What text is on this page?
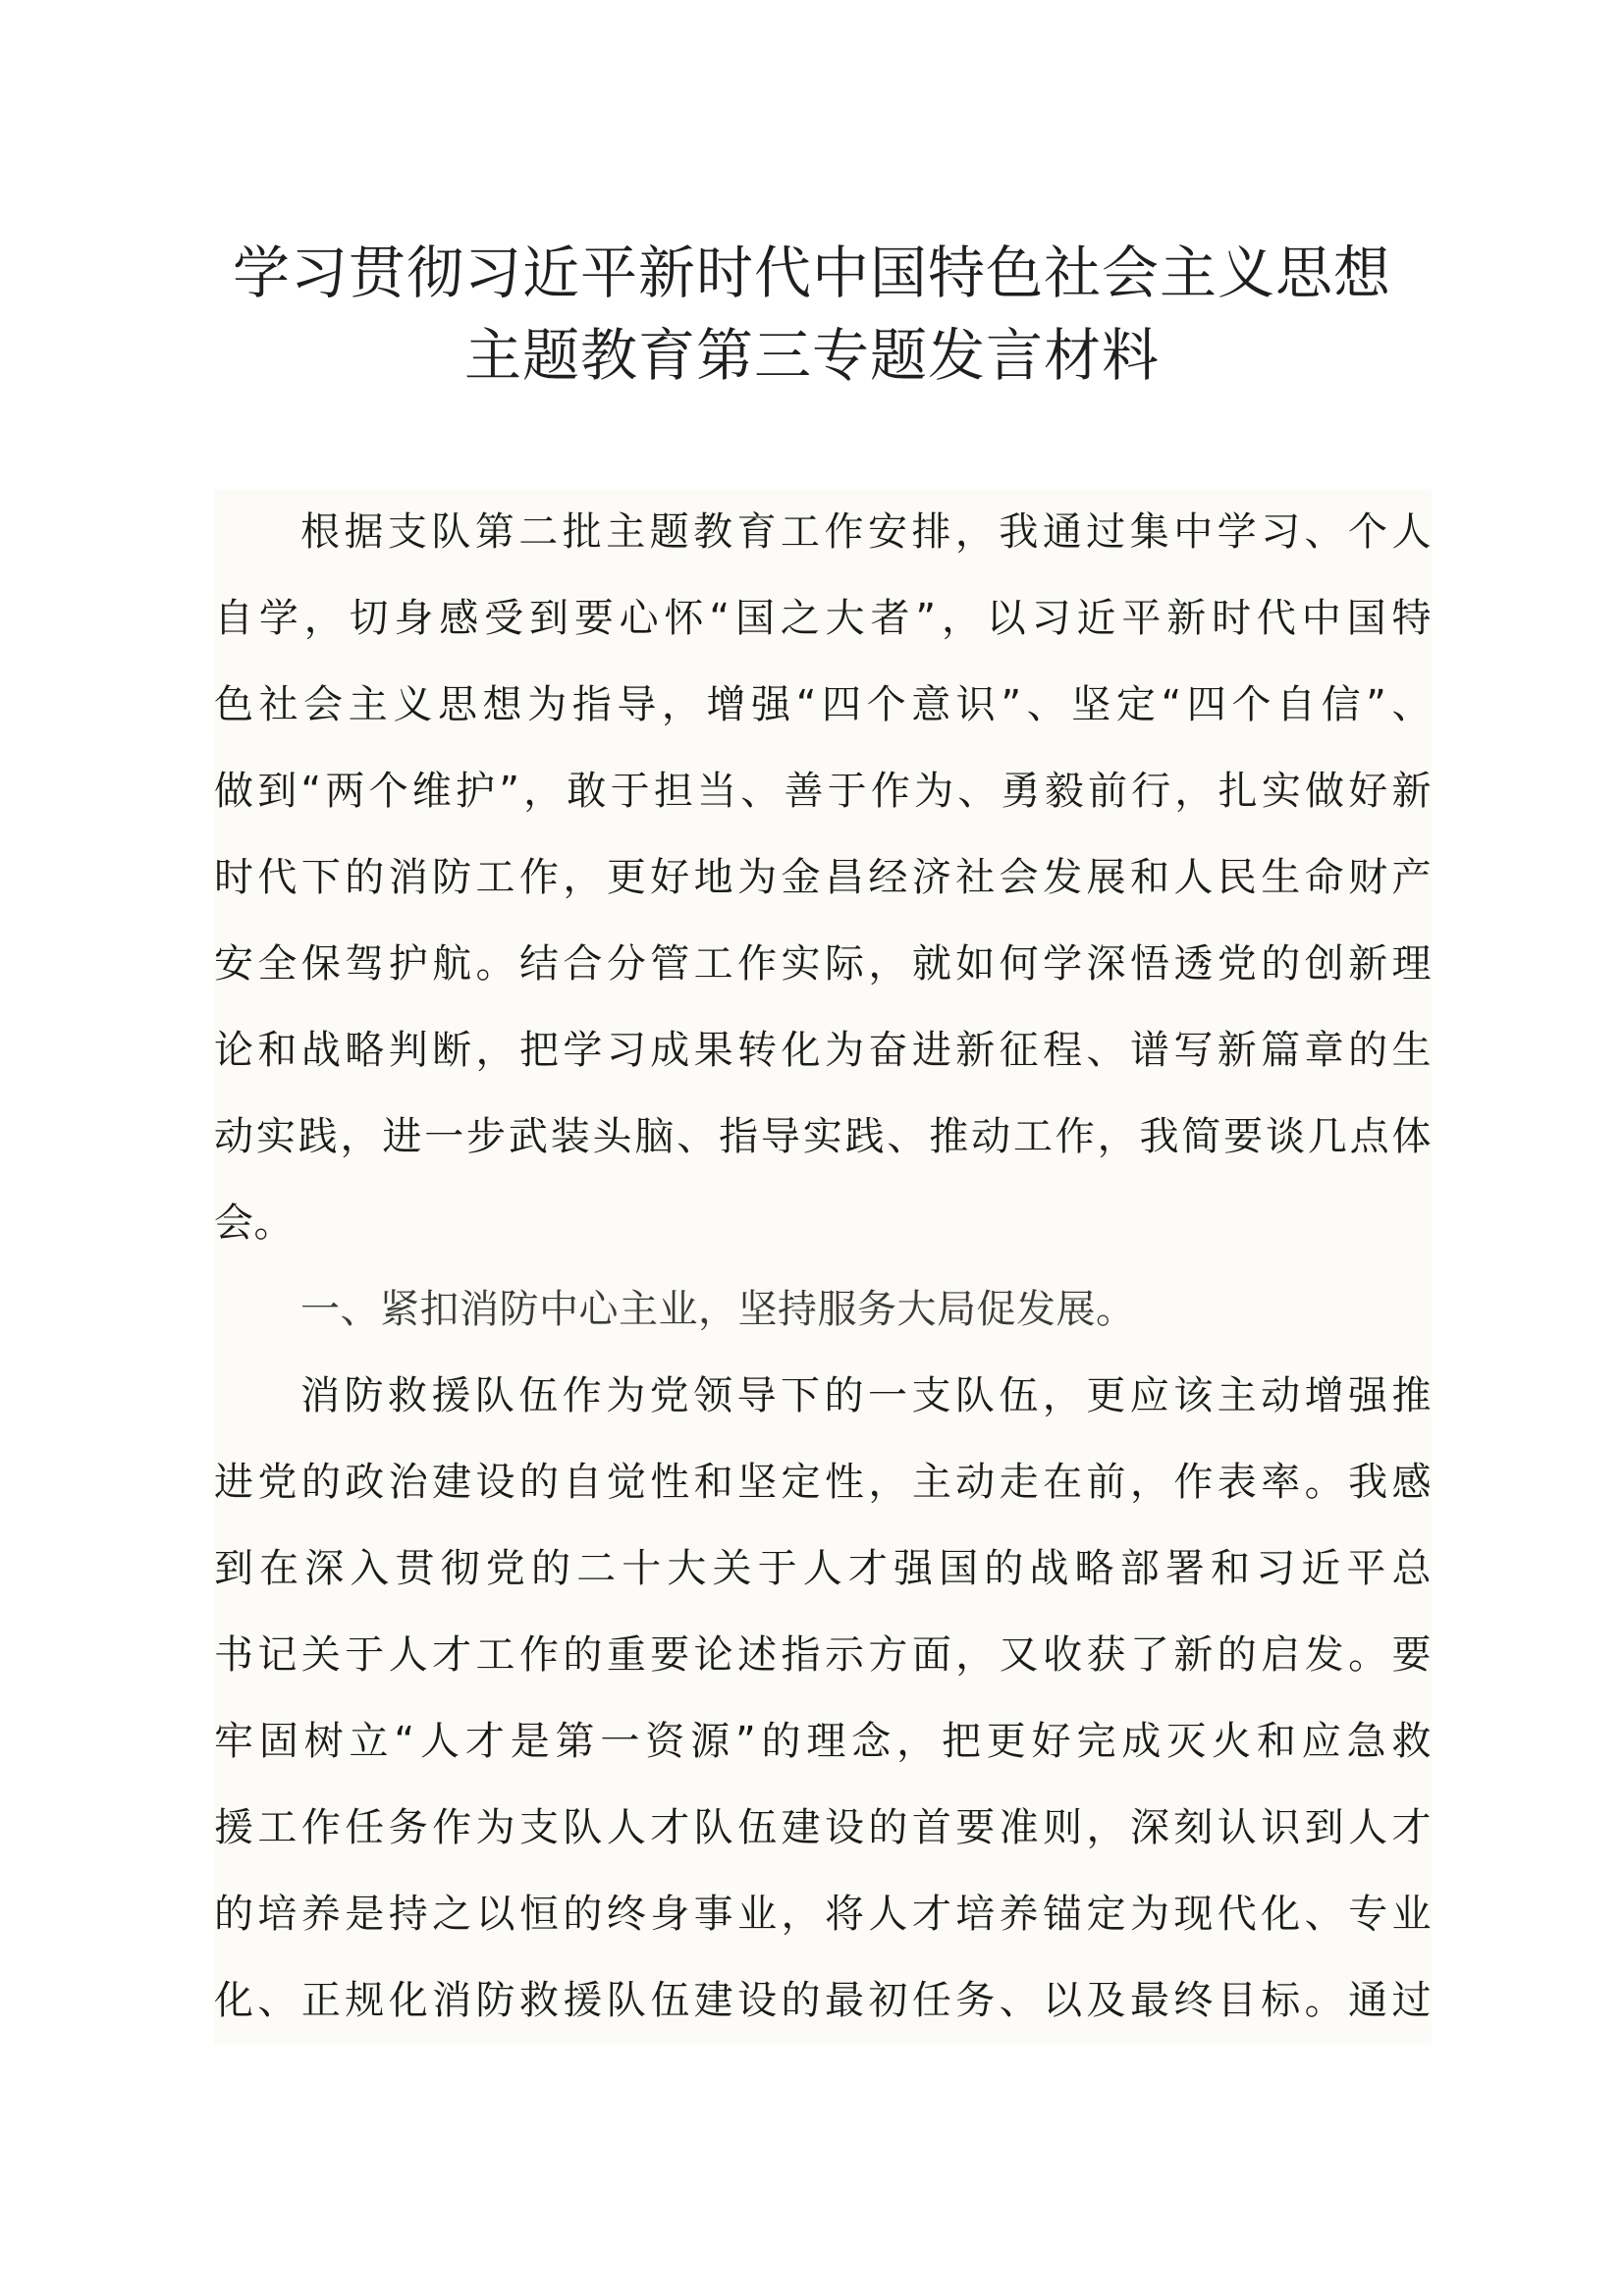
学习贯彻习近平新时代中国特色社会主义思想
主题教育第三专题发言材料
根据支队第二批主题教育工作安排，我通过集中学习、个人
自学，切身感受到要心怀“国之大者”，以习近平新时代中国特
色社会主义思想为指导，增强“四个意识”、坚定“四个自信”、
做到“两个维护”，敢于担当、善于作为、勇毅前行，扎实做好新
时代下的消防工作，更好地为金昌经济社会发展和人民生命财产
安全保驾护航。结合分管工作实际，就如何学深悟透党的创新理
论和战略判断，把学习成果转化为奋进新征程、谱写新篇章的生
动实践，进一步武装头脑、指导实践、推动工作，我简要谈几点体
会。
一、紧扣消防中心主业，坚持服务大局促发展。
消防救援队伍作为党领导下的一支队伍，更应该主动增强推
进党的政治建设的自觉性和坚定性，主动走在前，作表率。我感
到在深入贯彻党的二十大关于人才强国的战略部署和习近平总
书记关于人才工作的重要论述指示方面，又收获了新的启发。要
牢固树立“人才是第一资源”的理念，把更好完成灭火和应急救
援工作任务作为支队人才队伍建设的首要准则，深刻认识到人才
的培养是持之以恒的终身事业，将人才培养锚定为现代化、专业
化、正规化消防救援队伍建设的最初任务、以及最终目标。通过
